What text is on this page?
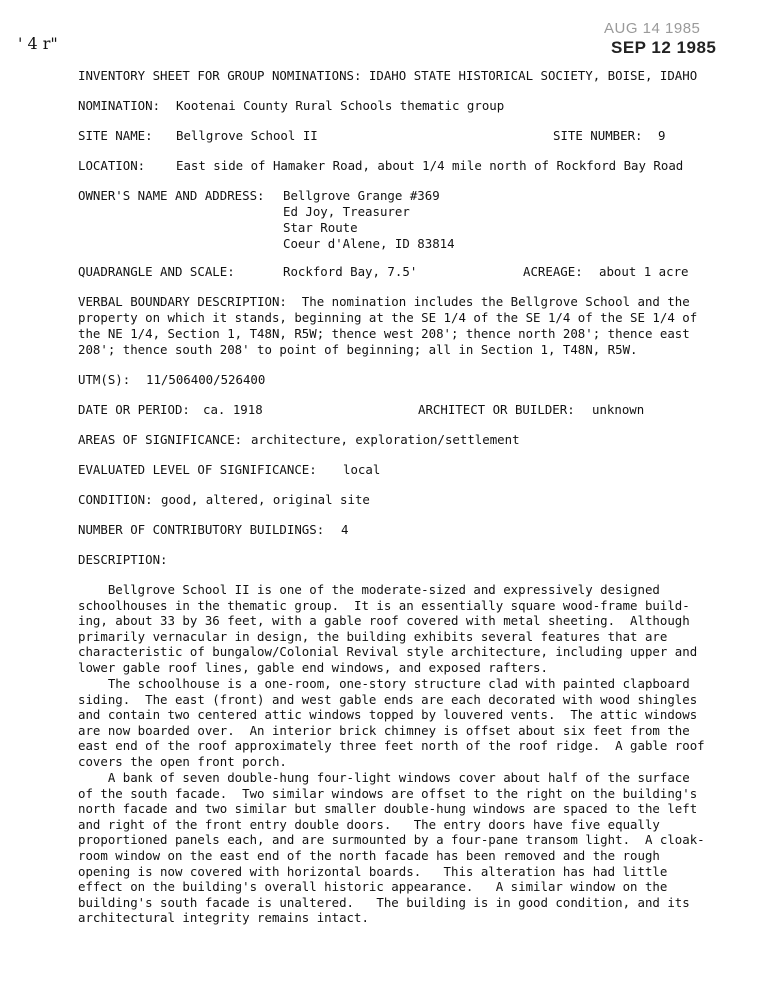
AUG 14 1985
SEP 12 1985
' 4 r"
INVENTORY SHEET FOR GROUP NOMINATIONS: IDAHO STATE HISTORICAL SOCIETY, BOISE, IDAHO
NOMINATION: Kootenai County Rural Schools thematic group
SITE NAME: Bellgrove School II	SITE NUMBER: 9
LOCATION: East side of Hamaker Road, about 1/4 mile north of Rockford Bay Road
OWNER'S NAME AND ADDRESS: Bellgrove Grange #369
Ed Joy, Treasurer
Star Route
Coeur d'Alene, ID 83814
QUADRANGLE AND SCALE:	Rockford Bay, 7.5'	ACREAGE: about 1 acre
VERBAL BOUNDARY DESCRIPTION:  The nomination includes the Bellgrove School and the
property on which it stands, beginning at the SE 1/4 of the SE 1/4 of the SE 1/4 of
the NE 1/4, Section 1, T48N, R5W; thence west 208'; thence north 208'; thence east
208'; thence south 208' to point of beginning; all in Section 1, T48N, R5W.
UTM(S): 11/506400/526400
DATE OR PERIOD: ca. 1918	ARCHITECT OR BUILDER: unknown
AREAS OF SIGNIFICANCE: architecture, exploration/settlement
EVALUATED LEVEL OF SIGNIFICANCE: local
CONDITION: good, altered, original site
NUMBER OF CONTRIBUTORY BUILDINGS: 4
DESCRIPTION:
Bellgrove School II is one of the moderate-sized and expressively designed
schoolhouses in the thematic group.  It is an essentially square wood-frame build-
ing, about 33 by 36 feet, with a gable roof covered with metal sheeting.  Although
primarily vernacular in design, the building exhibits several features that are
characteristic of bungalow/Colonial Revival style architecture, including upper and
lower gable roof lines, gable end windows, and exposed rafters.
The schoolhouse is a one-room, one-story structure clad with painted clapboard
siding.  The east (front) and west gable ends are each decorated with wood shingles
and contain two centered attic windows topped by louvered vents.  The attic windows
are now boarded over.  An interior brick chimney is offset about six feet from the
east end of the roof approximately three feet north of the roof ridge.  A gable roof
covers the open front porch.
A bank of seven double-hung four-light windows cover about half of the surface
of the south facade.  Two similar windows are offset to the right on the building's
north facade and two similar but smaller double-hung windows are spaced to the left
and right of the front entry double doors.   The entry doors have five equally
proportioned panels each, and are surmounted by a four-pane transom light.  A cloak-
room window on the east end of the north facade has been removed and the rough
opening is now covered with horizontal boards.   This alteration has had little
effect on the building's overall historic appearance.   A similar window on the
building's south facade is unaltered.   The building is in good condition, and its
architectural integrity remains intact.
